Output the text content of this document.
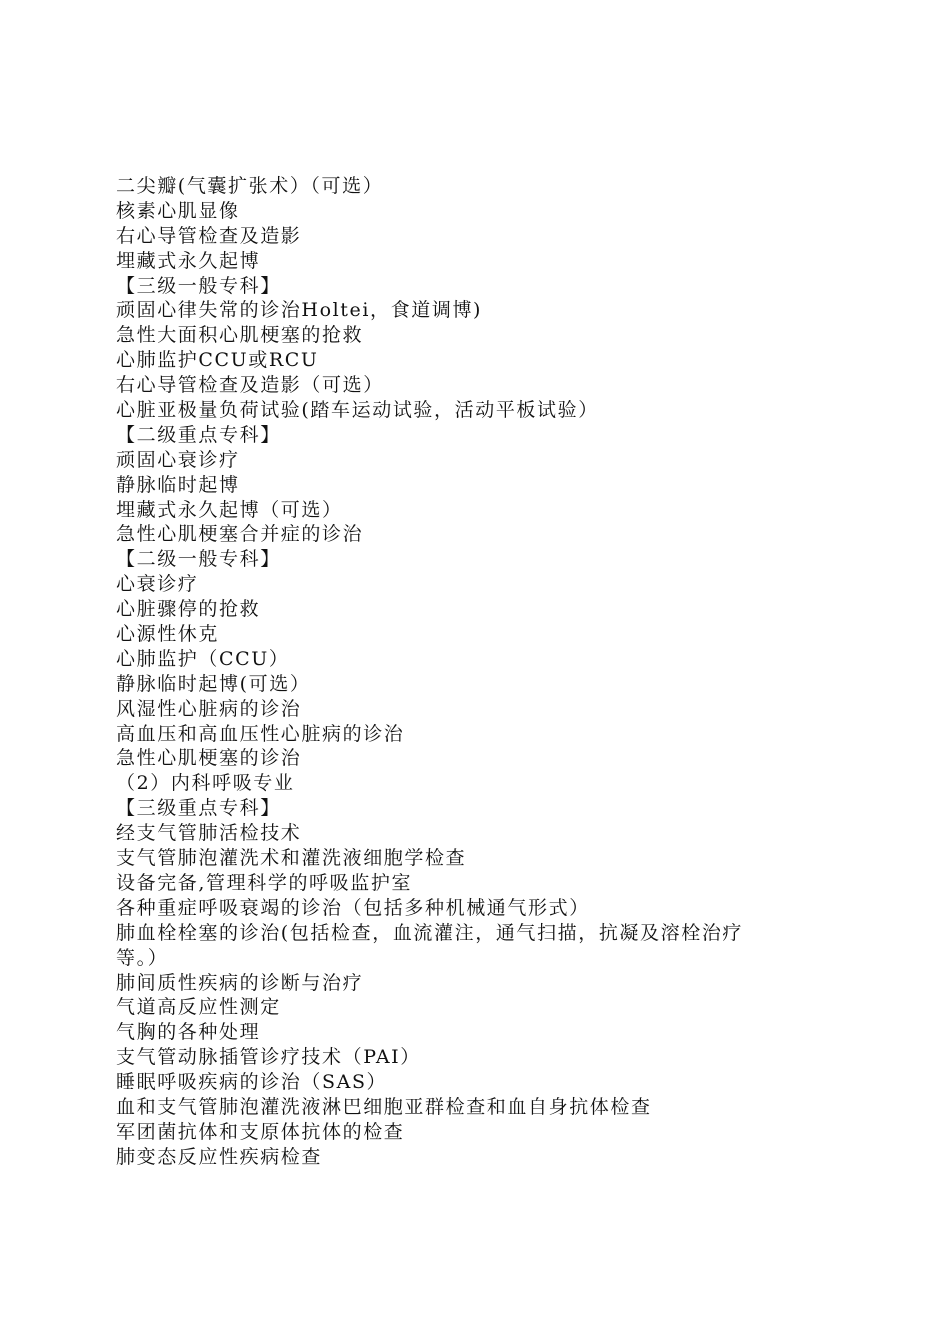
二尖瓣(气囊扩张术）（可选）
核素心肌显像
右心导管检查及造影
埋藏式永久起博
【三级一般专科】
顽固心律失常的诊治Holtei，食道调博)
急性大面积心肌梗塞的抢救
心肺监护CCU或RCU
右心导管检查及造影（可选）
心脏亚极量负荷试验(踏车运动试验，活动平板试验）
【二级重点专科】
顽固心衰诊疗
静脉临时起博
埋藏式永久起博（可选）
急性心肌梗塞合并症的诊治
【二级一般专科】
心衰诊疗
心脏骤停的抢救
心源性休克
心肺监护（CCU）
静脉临时起博(可选）
风湿性心脏病的诊治
高血压和高血压性心脏病的诊治
急性心肌梗塞的诊治
（2）内科呼吸专业
【三级重点专科】
经支气管肺活检技术
支气管肺泡灌洗术和灌洗液细胞学检查
设备完备,管理科学的呼吸监护室
各种重症呼吸衰竭的诊治（包括多种机械通气形式）
肺血栓栓塞的诊治(包括检查，血流灌注，通气扫描，抗凝及溶栓治疗
等。）
肺间质性疾病的诊断与治疗
气道高反应性测定
气胸的各种处理
支气管动脉插管诊疗技术（PAI）
睡眠呼吸疾病的诊治（SAS）
血和支气管肺泡灌洗液淋巴细胞亚群检查和血自身抗体检查
军团菌抗体和支原体抗体的检查
肺变态反应性疾病检查
